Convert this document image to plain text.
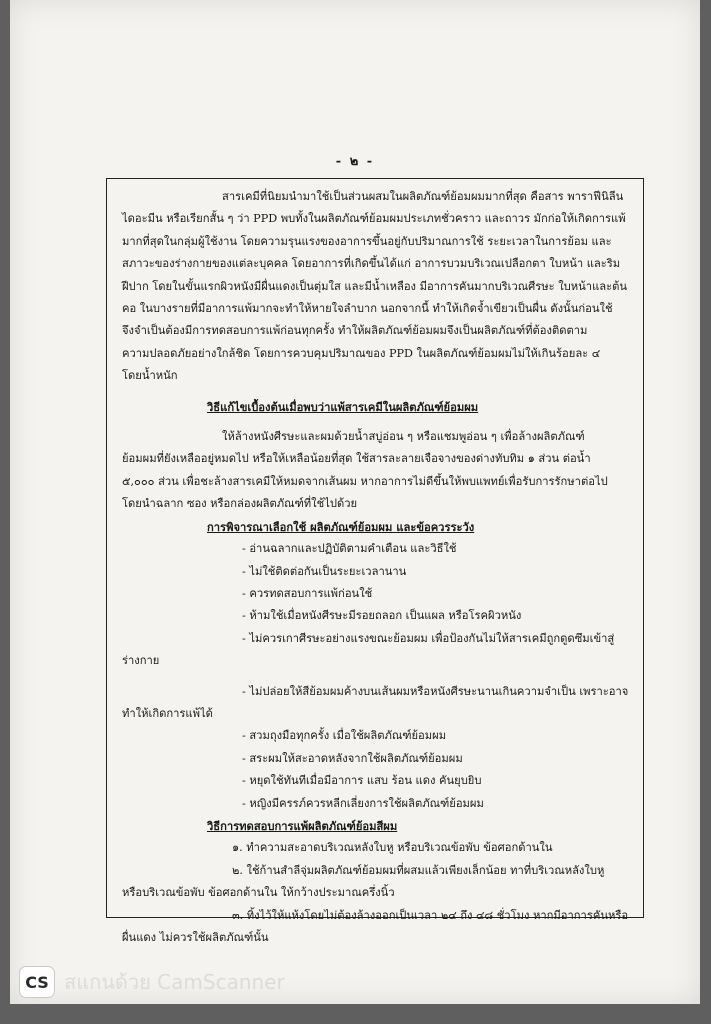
- ๒ -

สารเคมีที่นิยมนำมาใช้เป็นส่วนผสมในผลิตภัณฑ์ย้อมผมมากที่สุด คือสาร พาราฟีนิลีน

ไดอะมีน หรือเรียกสั้น ๆ ว่า PPD พบทั้งในผลิตภัณฑ์ย้อมผมประเภทชั่วคราว และถาวร มักก่อให้เกิดการแพ้

มากที่สุดในกลุ่มผู้ใช้งาน โดยความรุนแรงของอาการขึ้นอยู่กับปริมาณการใช้ ระยะเวลาในการย้อม และ

สภาวะของร่างกายของแต่ละบุคคล โดยอาการที่เกิดขึ้นได้แก่ อาการบวมบริเวณเปลือกตา ใบหน้า และริม

ฝีปาก โดยในขั้นแรกผิวหนังมีผื่นแดงเป็นตุ่มใส และมีน้ำเหลือง มีอาการคันมากบริเวณศีรษะ ใบหน้าและต้น

คอ ในบางรายที่มีอาการแพ้มากจะทำให้หายใจลำบาก นอกจากนี้ ทำให้เกิดจ้ำเขียวเป็นผื่น ดังนั้นก่อนใช้

จึงจำเป็นต้องมีการทดสอบการแพ้ก่อนทุกครั้ง ทำให้ผลิตภัณฑ์ย้อมผมจึงเป็นผลิตภัณฑ์ที่ต้องติดตาม

ความปลอดภัยอย่างใกล้ชิด โดยการควบคุมปริมาณของ PPD ในผลิตภัณฑ์ย้อมผมไม่ให้เกินร้อยละ ๔

โดยน้ำหนัก

วิธีแก้ไขเบื้องต้นเมื่อพบว่าแพ้สารเคมีในผลิตภัณฑ์ย้อมผม

ให้ล้างหนังศีรษะและผมด้วยน้ำสบู่อ่อน ๆ หรือแชมพูอ่อน ๆ เพื่อล้างผลิตภัณฑ์

ย้อมผมที่ยังเหลืออยู่หมดไป หรือให้เหลือน้อยที่สุด ใช้สารละลายเจือจางของด่างทับทิม ๑ ส่วน ต่อน้ำ

๕,๐๐๐ ส่วน เพื่อชะล้างสารเคมีให้หมดจากเส้นผม หากอาการไม่ดีขึ้นให้พบแพทย์เพื่อรับการรักษาต่อไป

โดยนำฉลาก ซอง หรือกล่องผลิตภัณฑ์ที่ใช้ไปด้วย

การพิจารณาเลือกใช้ ผลิตภัณฑ์ย้อมผม และข้อควรระวัง

- อ่านฉลากและปฏิบัติตามคำเตือน และวิธีใช้

- ไม่ใช้ติดต่อกันเป็นระยะเวลานาน

- ควรทดสอบการแพ้ก่อนใช้

- ห้ามใช้เมื่อหนังศีรษะมีรอยถลอก เป็นแผล หรือโรคผิวหนัง

- ไม่ควรเกาศีรษะอย่างแรงขณะย้อมผม เพื่อป้องกันไม่ให้สารเคมีถูกดูดซึมเข้าสู่

ร่างกาย

- ไม่ปล่อยให้สีย้อมผมค้างบนเส้นผมหรือหนังศีรษะนานเกินความจำเป็น เพราะอาจ

ทำให้เกิดการแพ้ได้

- สวมถุงมือทุกครั้ง เมื่อใช้ผลิตภัณฑ์ย้อมผม

- สระผมให้สะอาดหลังจากใช้ผลิตภัณฑ์ย้อมผม

- หยุดใช้ทันทีเมื่อมีอาการ แสบ ร้อน แดง คันยุบยิบ

- หญิงมีครรภ์ควรหลีกเลี่ยงการใช้ผลิตภัณฑ์ย้อมผม

วิธีการทดสอบการแพ้ผลิตภัณฑ์ย้อมสีผม

๑. ทำความสะอาดบริเวณหลังใบหู หรือบริเวณข้อพับ ข้อศอกด้านใน

๒. ใช้ก้านสำลีจุ่มผลิตภัณฑ์ย้อมผมที่ผสมแล้วเพียงเล็กน้อย ทาที่บริเวณหลังใบหู

หรือบริเวณข้อพับ ข้อศอกด้านใน ให้กว้างประมาณครึ่งนิ้ว

๓. ทิ้งไว้ให้แห้งโดยไม่ต้องล้างออกเป็นเวลา ๒๔ ถึง ๔๘ ชั่วโมง หากมีอาการคันหรือ

ผื่นแดง ไม่ควรใช้ผลิตภัณฑ์นั้น

CS สแกนด้วย CamScanner
